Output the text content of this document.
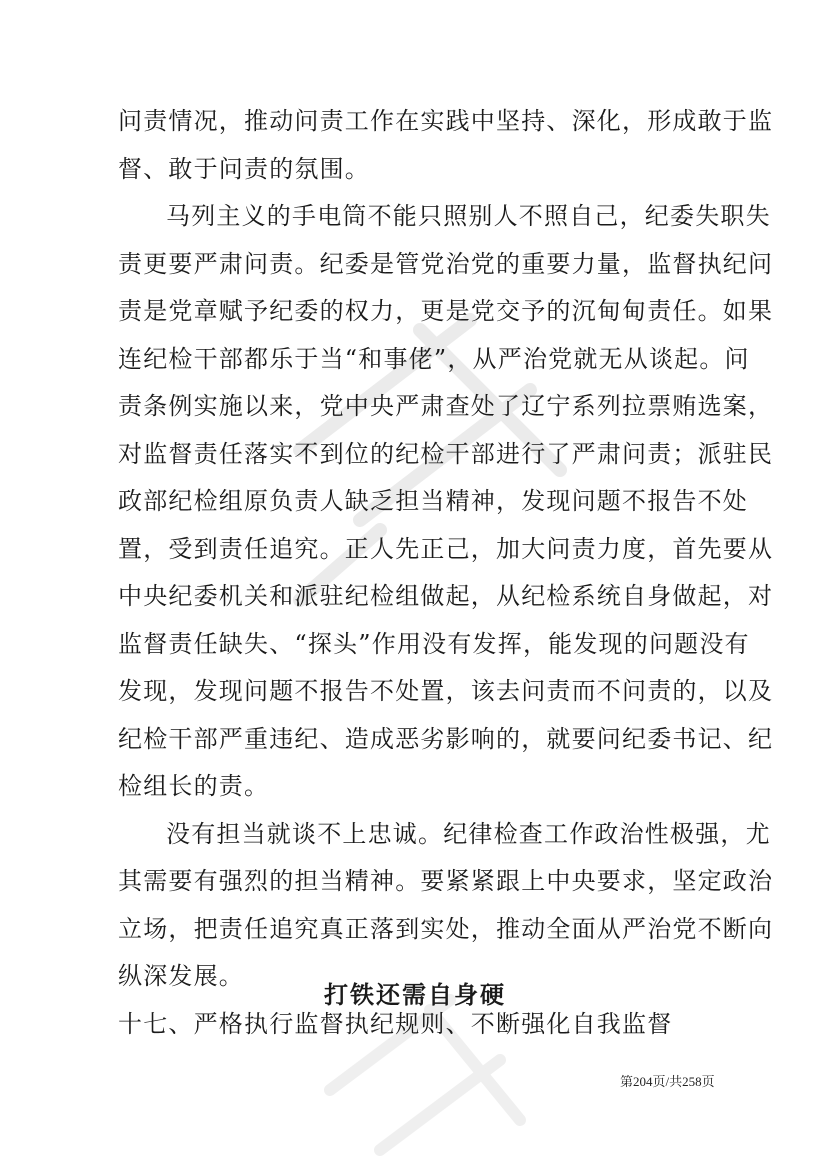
问责情况，推动问责工作在实践中坚持、深化，形成敢于监

督、敢于问责的氛围。

马列主义的手电筒不能只照别人不照自己，纪委失职失

责更要严肃问责。纪委是管党治党的重要力量，监督执纪问

责是党章赋予纪委的权力，更是党交予的沉甸甸责任。如果

连纪检干部都乐于当“和事佬”，从严治党就无从谈起。问

责条例实施以来，党中央严肃查处了辽宁系列拉票贿选案，

对监督责任落实不到位的纪检干部进行了严肃问责；派驻民

政部纪检组原负责人缺乏担当精神，发现问题不报告不处

置，受到责任追究。正人先正己，加大问责力度，首先要从

中央纪委机关和派驻纪检组做起，从纪检系统自身做起，对

监督责任缺失、“探头”作用没有发挥，能发现的问题没有

发现，发现问题不报告不处置，该去问责而不问责的，以及

纪检干部严重违纪、造成恶劣影响的，就要问纪委书记、纪

检组长的责。

没有担当就谈不上忠诚。纪律检查工作政治性极强，尤

其需要有强烈的担当精神。要紧紧跟上中央要求，坚定政治

立场，把责任追究真正落到实处，推动全面从严治党不断向

纵深发展。

十七、严格执行监督执纪规则、不断强化自我监督

打铁还需自身硬
第204页/共258页
